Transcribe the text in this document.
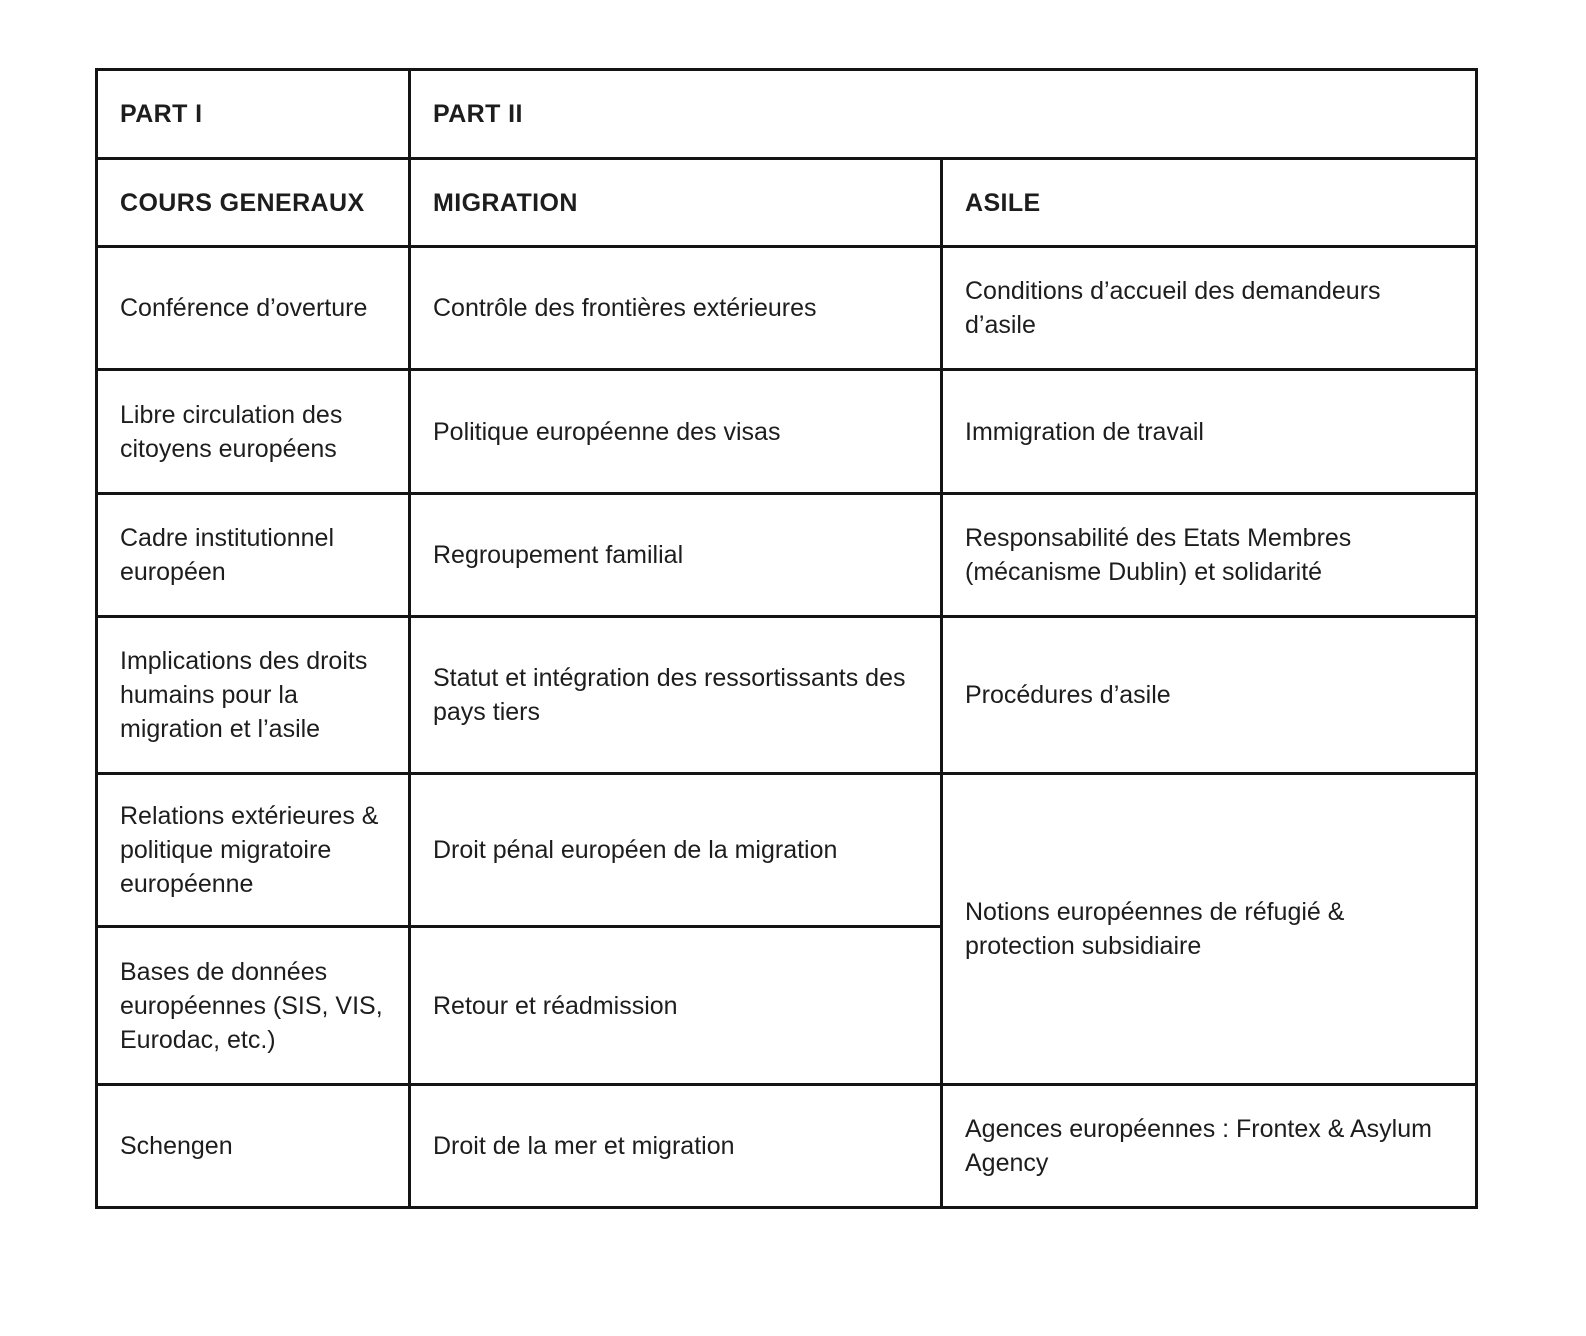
PART I	PART II	
COURS GENERAUX	MIGRATION	ASILE
Conférence d’overture	Contrôle des frontières extérieures	Conditions d’accueil des demandeurs d’asile
Libre circulation des citoyens européens	Politique européenne des visas	Immigration de travail
Cadre institutionnel européen	Regroupement familial	Responsabilité des Etats Membres (mécanisme Dublin) et solidarité
Implications des droits humains pour la migration et l’asile	Statut et intégration des ressortissants des pays tiers	Procédures d’asile
Relations extérieures & politique migratoire européenne	Droit pénal européen de la migration	Notions européennes de réfugié & protection subsidiaire
Bases de données européennes (SIS, VIS, Eurodac, etc.)	Retour et réadmission	
Schengen	Droit de la mer et migration	Agences européennes : Frontex & Asylum Agency
